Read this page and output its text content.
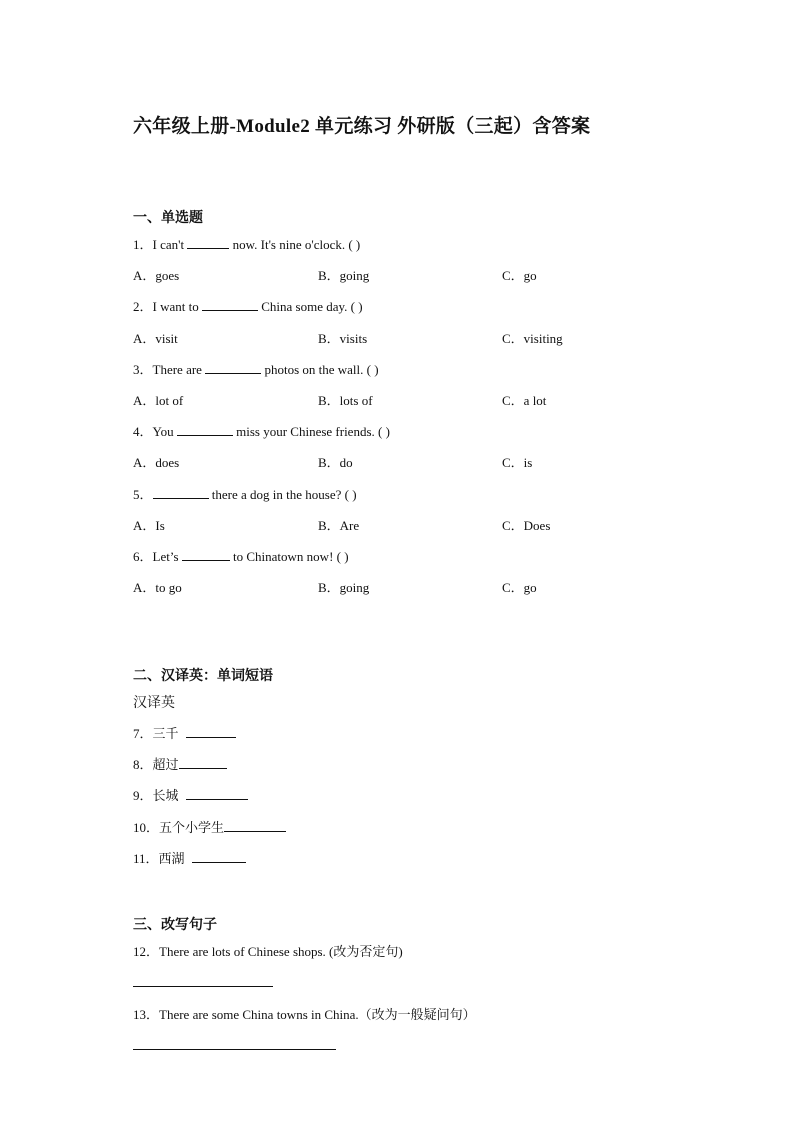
六年级上册-Module2 单元练习 外研版（三起）含答案
一、单选题
1．I can't	now. It's nine o'clock. ( )
A．goes	B．going	C．go
2．I want to	China some day. ( )
A．visit	B．visits	C．visiting
3．There are	photos on the wall. ( )
A．lot of	B．lots of	C．a lot
4．You	miss your Chinese friends. ( )
A．does	B．do	C．is
5．	there a dog in the house? ( )
A．Is	B．Are	C．Does
6．Let’s	to Chinatown now! ( )
A．to go	B．going	C．go
二、汉译英：单词短语
汉译英
7．三千
8．超过
9．长城
10．五个小学生
11．西湖
三、改写句子
12．There are lots of Chinese shops. (改为否定句)
13．There are some China towns in China.（改为一般疑问句）
